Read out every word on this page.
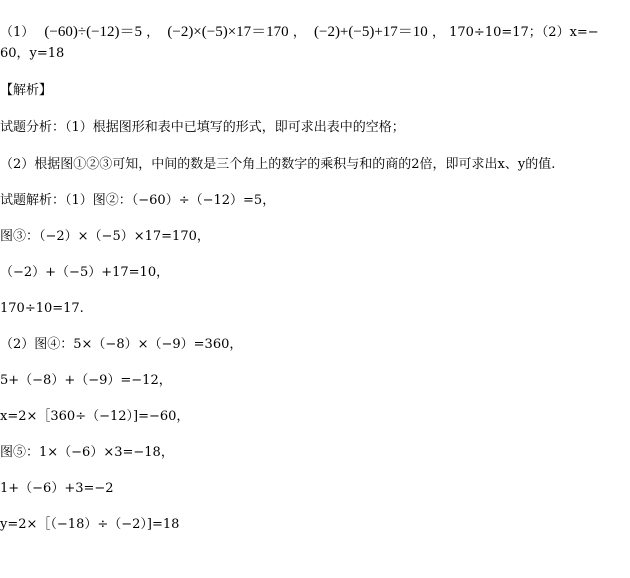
（1） (−60)÷(−12)＝5 ， (−2)×(−5)×17＝170 ， (−2)+(−5)+17＝10 ， 170÷10=17；（2）x=−
60，y=18
【解析】
试题分析：（1）根据图形和表中已填写的形式，即可求出表中的空格；
（2）根据图①②③可知，中间的数是三个角上的数字的乘积与和的商的2倍，即可求出x、y的值.
试题解析：（1）图②：（−60）÷（−12）=5，
图③：（−2）×（−5）×17=170，
（−2）+（−5）+17=10，
170÷10=17.
（2）图④：5×（−8）×（−9）=360，
5+（−8）+（−9）=−12，
x=2×［360÷（−12）]=−60，
图⑤：1×（−6）×3=−18，
1+（−6）+3=−2
y=2×［（−18）÷（−2）]=18
